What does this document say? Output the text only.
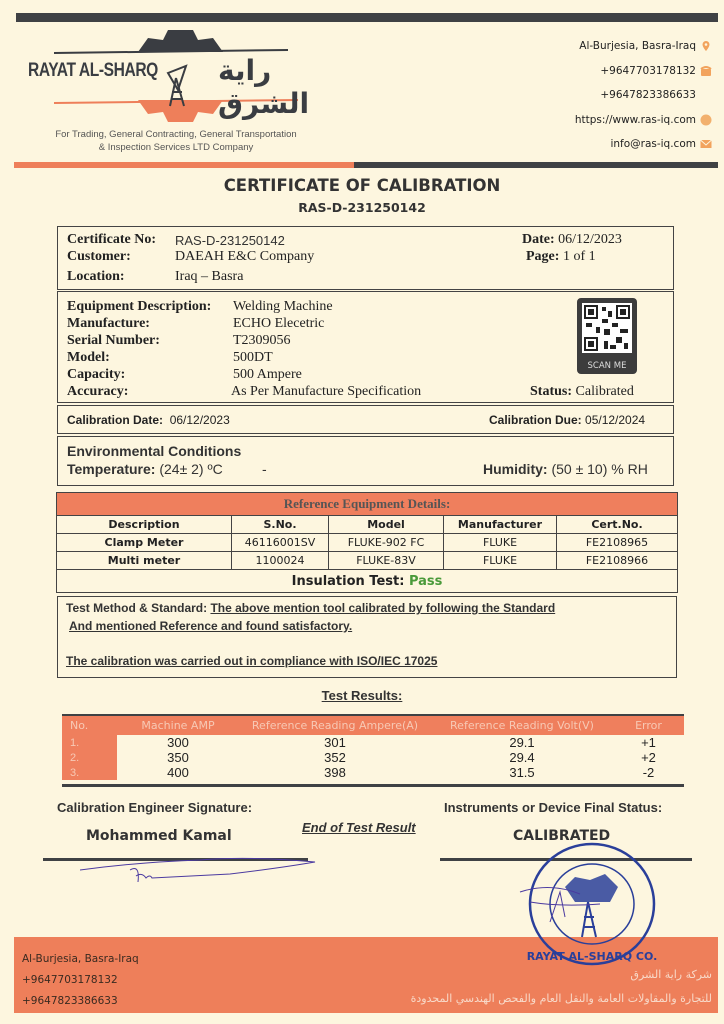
RAYAT AL-SHARQ راية الشرق
For Trading, General Contracting, General Transportation
& Inspection Services LTD Company
Al-Burjesia, Basra-Iraq
+9647703178132
+9647823386633
https://www.ras-iq.com
info@ras-iq.com
CERTIFICATE OF CALIBRATION
RAS-D-231250142
Certificate No: RAS-D-231250142
Customer:	DAEAH E&C Company
Location:	Iraq – Basra
Date: 06/12/2023
Page: 1 of 1
Equipment Description: Welding Machine
Manufacture:	ECHO Elecetric
Serial Number:	T2309056
Model:	500DT
Capacity:	500 Ampere
Accuracy:	As Per Manufacture Specification
SCAN ME
Status: Calibrated
Calibration Date: 06/12/2023	Calibration Due: 05/12/2024
Environmental Conditions
Temperature: (24± 2) ºC	-	Humidity: (50 ± 10) % RH
Reference Equipment Details:				
Description	S.No.	Model	Manufacturer	Cert.No.
Clamp Meter	46116001SV	FLUKE-902 FC	FLUKE	FE2108965
Multi meter	1100024	FLUKE-83V	FLUKE	FE2108966
Insulation Test: Pass				
Test Method & Standard: The above mention tool calibrated by following the Standard
And mentioned Reference and found satisfactory.
The calibration was carried out in compliance with ISO/IEC 17025
Test Results:
No.	Machine AMP	Reference Reading Ampere(A)	Reference Reading Volt(V)	Error
1.	300	301	29.1	+1
2.	350	352	29.4	+2
3.	400	398	31.5	-2
Calibration Engineer Signature:
Mohammed Kamal
End of Test Result
Instruments or Device Final Status:
CALIBRATED
Al-Burjesia, Basra-Iraq
+9647703178132
+9647823386633
شركة راية الشرق
للتجارة والمقاولات العامة والنقل العام والفحص الهندسي المحدودة
RAYAT AL-SHARQ CO.
